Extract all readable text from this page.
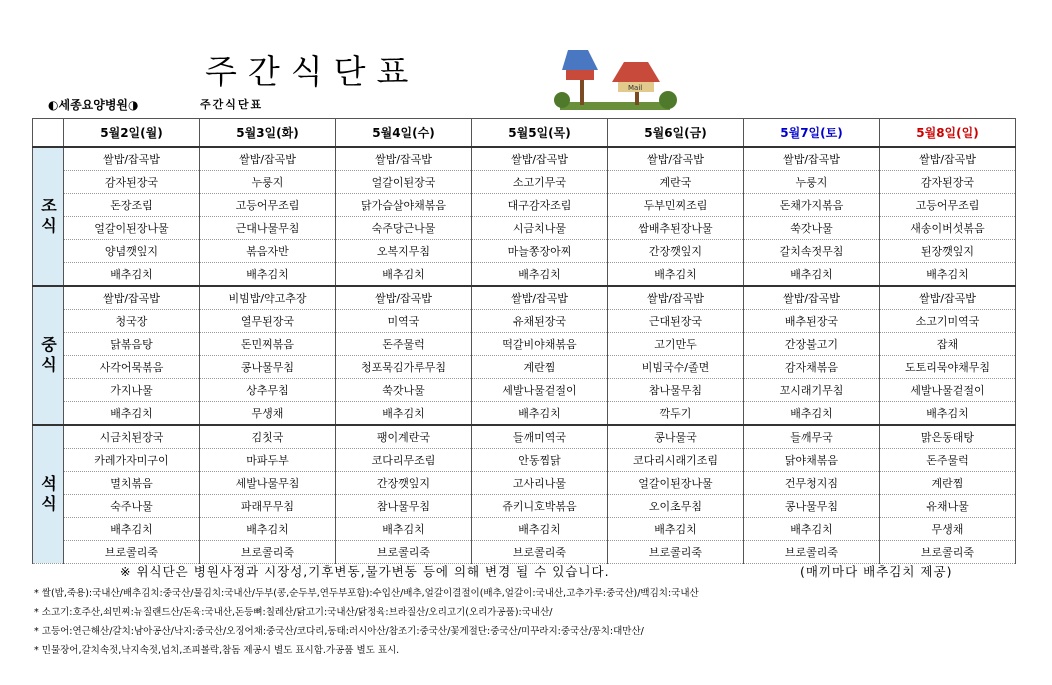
주간식단표
◐세종요양병원◑	주간식단표
Mail
	5월2일(월)	5월3일(화)	5월4일(수)	5월5일(목)	5월6일(금)	5월7일(토)	5월8일(일)
조식	쌀밥/잡곡밥	쌀밥/잡곡밥	쌀밥/잡곡밥	쌀밥/잡곡밥	쌀밥/잡곡밥	쌀밥/잡곡밥	쌀밥/잡곡밥
	감자된장국	누룽지	얼갈이된장국	소고기무국	계란국	누룽지	감자된장국
	돈장조림	고등어무조림	닭가슴살야채볶음	대구감자조림	두부민찌조림	돈채가지볶음	고등어무조림
	얼갈이된장나물	근대나물무침	숙주당근나물	시금치나물	쌈배추된장나물	쑥갓나물	새송이버섯볶음
	양념깻잎지	볶음자반	오복지무침	마늘쫑장아찌	간장깻잎지	갈치속젓무침	된장깻잎지
	배추김치	배추김치	배추김치	배추김치	배추김치	배추김치	배추김치
중식	쌀밥/잡곡밥	비빔밥/약고추장	쌀밥/잡곡밥	쌀밥/잡곡밥	쌀밥/잡곡밥	쌀밥/잡곡밥	쌀밥/잡곡밥
	청국장	열무된장국	미역국	유채된장국	근대된장국	배추된장국	소고기미역국
	닭볶음탕	돈민찌볶음	돈주물럭	떡갈비야채볶음	고기만두	간장불고기	잡채
	사각어묵볶음	콩나물무침	청포묵김가루무침	계란찜	비빔국수/졸면	감자채볶음	도토리묵야채무침
	가지나물	상추무침	쑥갓나물	세발나물겉절이	참나물무침	꼬시래기무침	세발나물겉절이
	배추김치	무생채	배추김치	배추김치	깍두기	배추김치	배추김치
석식	시금치된장국	김칫국	팽이계란국	들깨미역국	콩나물국	들깨무국	맑은동태탕
	카레가자미구이	마파두부	코다리무조림	안동찜닭	코다리시래기조림	닭야채볶음	돈주물럭
	멸치볶음	세발나물무침	간장깻잎지	고사리나물	얼갈이된장나물	건무청지짐	계란찜
	숙주나물	파래무무침	참나물무침	쥬키니호박볶음	오이초무침	콩나물무침	유채나물
	배추김치	배추김치	배추김치	배추김치	배추김치	배추김치	무생채
	브로콜리죽	브로콜리죽	브로콜리죽	브로콜리죽	브로콜리죽	브로콜리죽	브로콜리죽
※ 위식단은 병원사정과 시장성,기후변동,물가변동 등에 의해 변경 될 수 있습니다.	(매끼마다 배추김치 제공)
* 쌀(밥,죽용):국내산/배추김치:중국산/물김치:국내산/두부(콩,순두부,연두부포함):수입산/배추,얼갈이결절이(배추,얼갈이:국내산,고추가루:중국산)/백김치:국내산
* 소고기:호주산,쇠민찌:뉴질랜드산/돈육:국내산,돈등뼈:칠레산/닭고기:국내산/닭정육:브라질산/오리고기(오리가공품):국내산/
* 고등어:연근해산/갈치:남아공산/낙지:중국산/오징어채:중국산/코다리,동태:러시아산/참조기:중국산/꽃게절단:중국산/미꾸라지:중국산/꽁치:대만산/
* 민물장어,갈치속젓,낙지속젓,넙치,조피볼락,참돔 제공시 별도 표시함.가공품 별도 표시.
